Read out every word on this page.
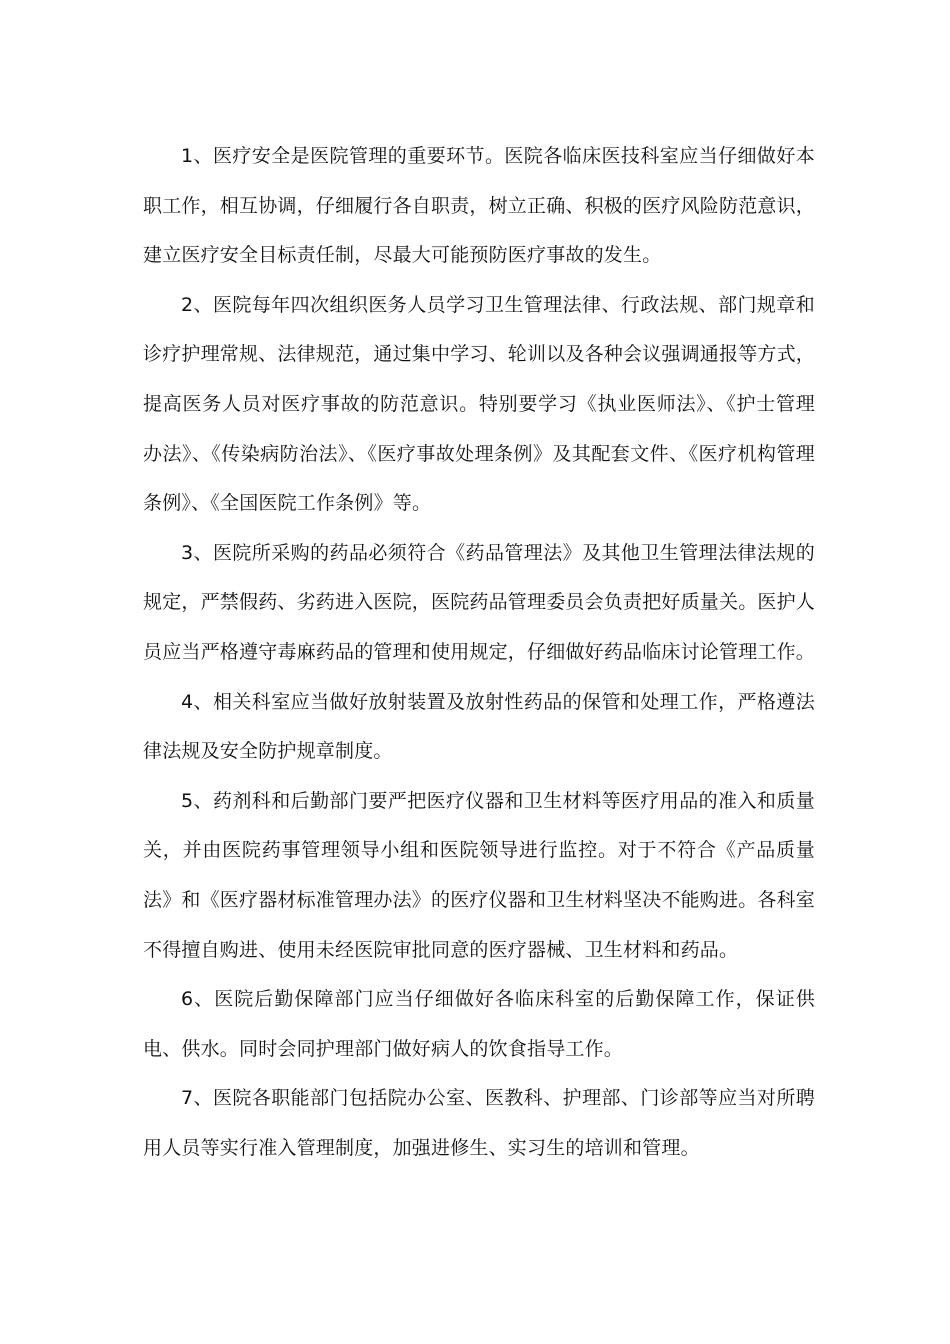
1、医疗安全是医院管理的重要环节。医院各临床医技科室应当仔细做好本职工作，相互协调，仔细履行各自职责，树立正确、积极的医疗风险防范意识，建立医疗安全目标责任制，尽最大可能预防医疗事故的发生。

2、医院每年四次组织医务人员学习卫生管理法律、行政法规、部门规章和诊疗护理常规、法律规范，通过集中学习、轮训以及各种会议强调通报等方式，提高医务人员对医疗事故的防范意识。特别要学习《执业医师法》、《护士管理办法》、《传染病防治法》、《医疗事故处理条例》及其配套文件、《医疗机构管理条例》、《全国医院工作条例》等。

3、医院所采购的药品必须符合《药品管理法》及其他卫生管理法律法规的规定，严禁假药、劣药进入医院，医院药品管理委员会负责把好质量关。医护人员应当严格遵守毒麻药品的管理和使用规定，仔细做好药品临床讨论管理工作。

4、相关科室应当做好放射装置及放射性药品的保管和处理工作，严格遵法律法规及安全防护规章制度。

5、药剂科和后勤部门要严把医疗仪器和卫生材料等医疗用品的准入和质量关，并由医院药事管理领导小组和医院领导进行监控。对于不符合《产品质量法》和《医疗器材标准管理办法》的医疗仪器和卫生材料坚决不能购进。各科室不得擅自购进、使用未经医院审批同意的医疗器械、卫生材料和药品。

6、医院后勤保障部门应当仔细做好各临床科室的后勤保障工作，保证供电、供水。同时会同护理部门做好病人的饮食指导工作。

7、医院各职能部门包括院办公室、医教科、护理部、门诊部等应当对所聘用人员等实行准入管理制度，加强进修生、实习生的培训和管理。
